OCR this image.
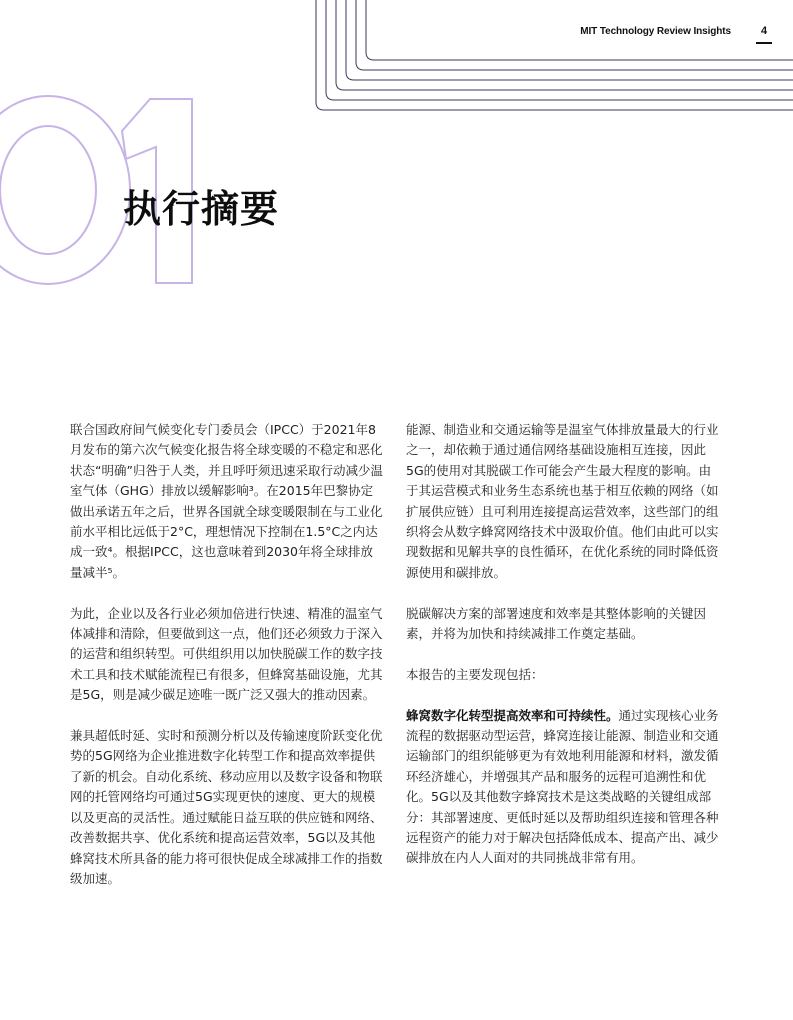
MIT Technology Review Insights	4
执行摘要

联合国政府间气候变化专门委员会（IPCC）于2021年8月发布的第六次气候变化报告将全球变暖的不稳定和恶化状态“明确”归咎于人类，并且呼吁须迅速采取行动减少温室气体（GHG）排放以缓解影响³。在2015年巴黎协定做出承诺五年之后，世界各国就全球变暖限制在与工业化前水平相比远低于2°C，理想情况下控制在1.5°C之内达成一致⁴。根据IPCC，这也意味着到2030年将全球排放量减半⁵。

为此，企业以及各行业必须加倍进行快速、精准的温室气体减排和清除，但要做到这一点，他们还必须致力于深入的运营和组织转型。可供组织用以加快脱碳工作的数字技术工具和技术赋能流程已有很多，但蜂窝基础设施，尤其是5G，则是减少碳足迹唯一既广泛又强大的推动因素。

兼具超低时延、实时和预测分析以及传输速度阶跃变化优势的5G网络为企业推进数字化转型工作和提高效率提供了新的机会。自动化系统、移动应用以及数字设备和物联网的托管网络均可通过5G实现更快的速度、更大的规模以及更高的灵活性。通过赋能日益互联的供应链和网络、改善数据共享、优化系统和提高运营效率，5G以及其他蜂窝技术所具备的能力将可很快促成全球减排工作的指数级加速。

能源、制造业和交通运输等是温室气体排放量最大的行业之一，却依赖于通过通信网络基础设施相互连接，因此5G的使用对其脱碳工作可能会产生最大程度的影响。由于其运营模式和业务生态系统也基于相互依赖的网络（如 扩展供应链）且可利用连接提高运营效率，这些部门的组织将会从数字蜂窝网络技术中汲取价值。他们由此可以实现数据和见解共享的良性循环，在优化系统的同时降低资源使用和碳排放。

脱碳解决方案的部署速度和效率是其整体影响的关键因素，并将为加快和持续减排工作奠定基础。

本报告的主要发现包括：

蜂窝数字化转型提高效率和可持续性。通过实现核心业务流程的数据驱动型运营，蜂窝连接让能源、制造业和交通运输部门的组织能够更为有效地利用能源和材料，激发循环经济雄心，并增强其产品和服务的远程可追溯性和优化。5G以及其他数字蜂窝技术是这类战略的关键组成部分：其部署速度、更低时延以及帮助组织连接和管理各种远程资产的能力对于解决包括降低成本、提高产出、减少碳排放在内人人面对的共同挑战非常有用。
